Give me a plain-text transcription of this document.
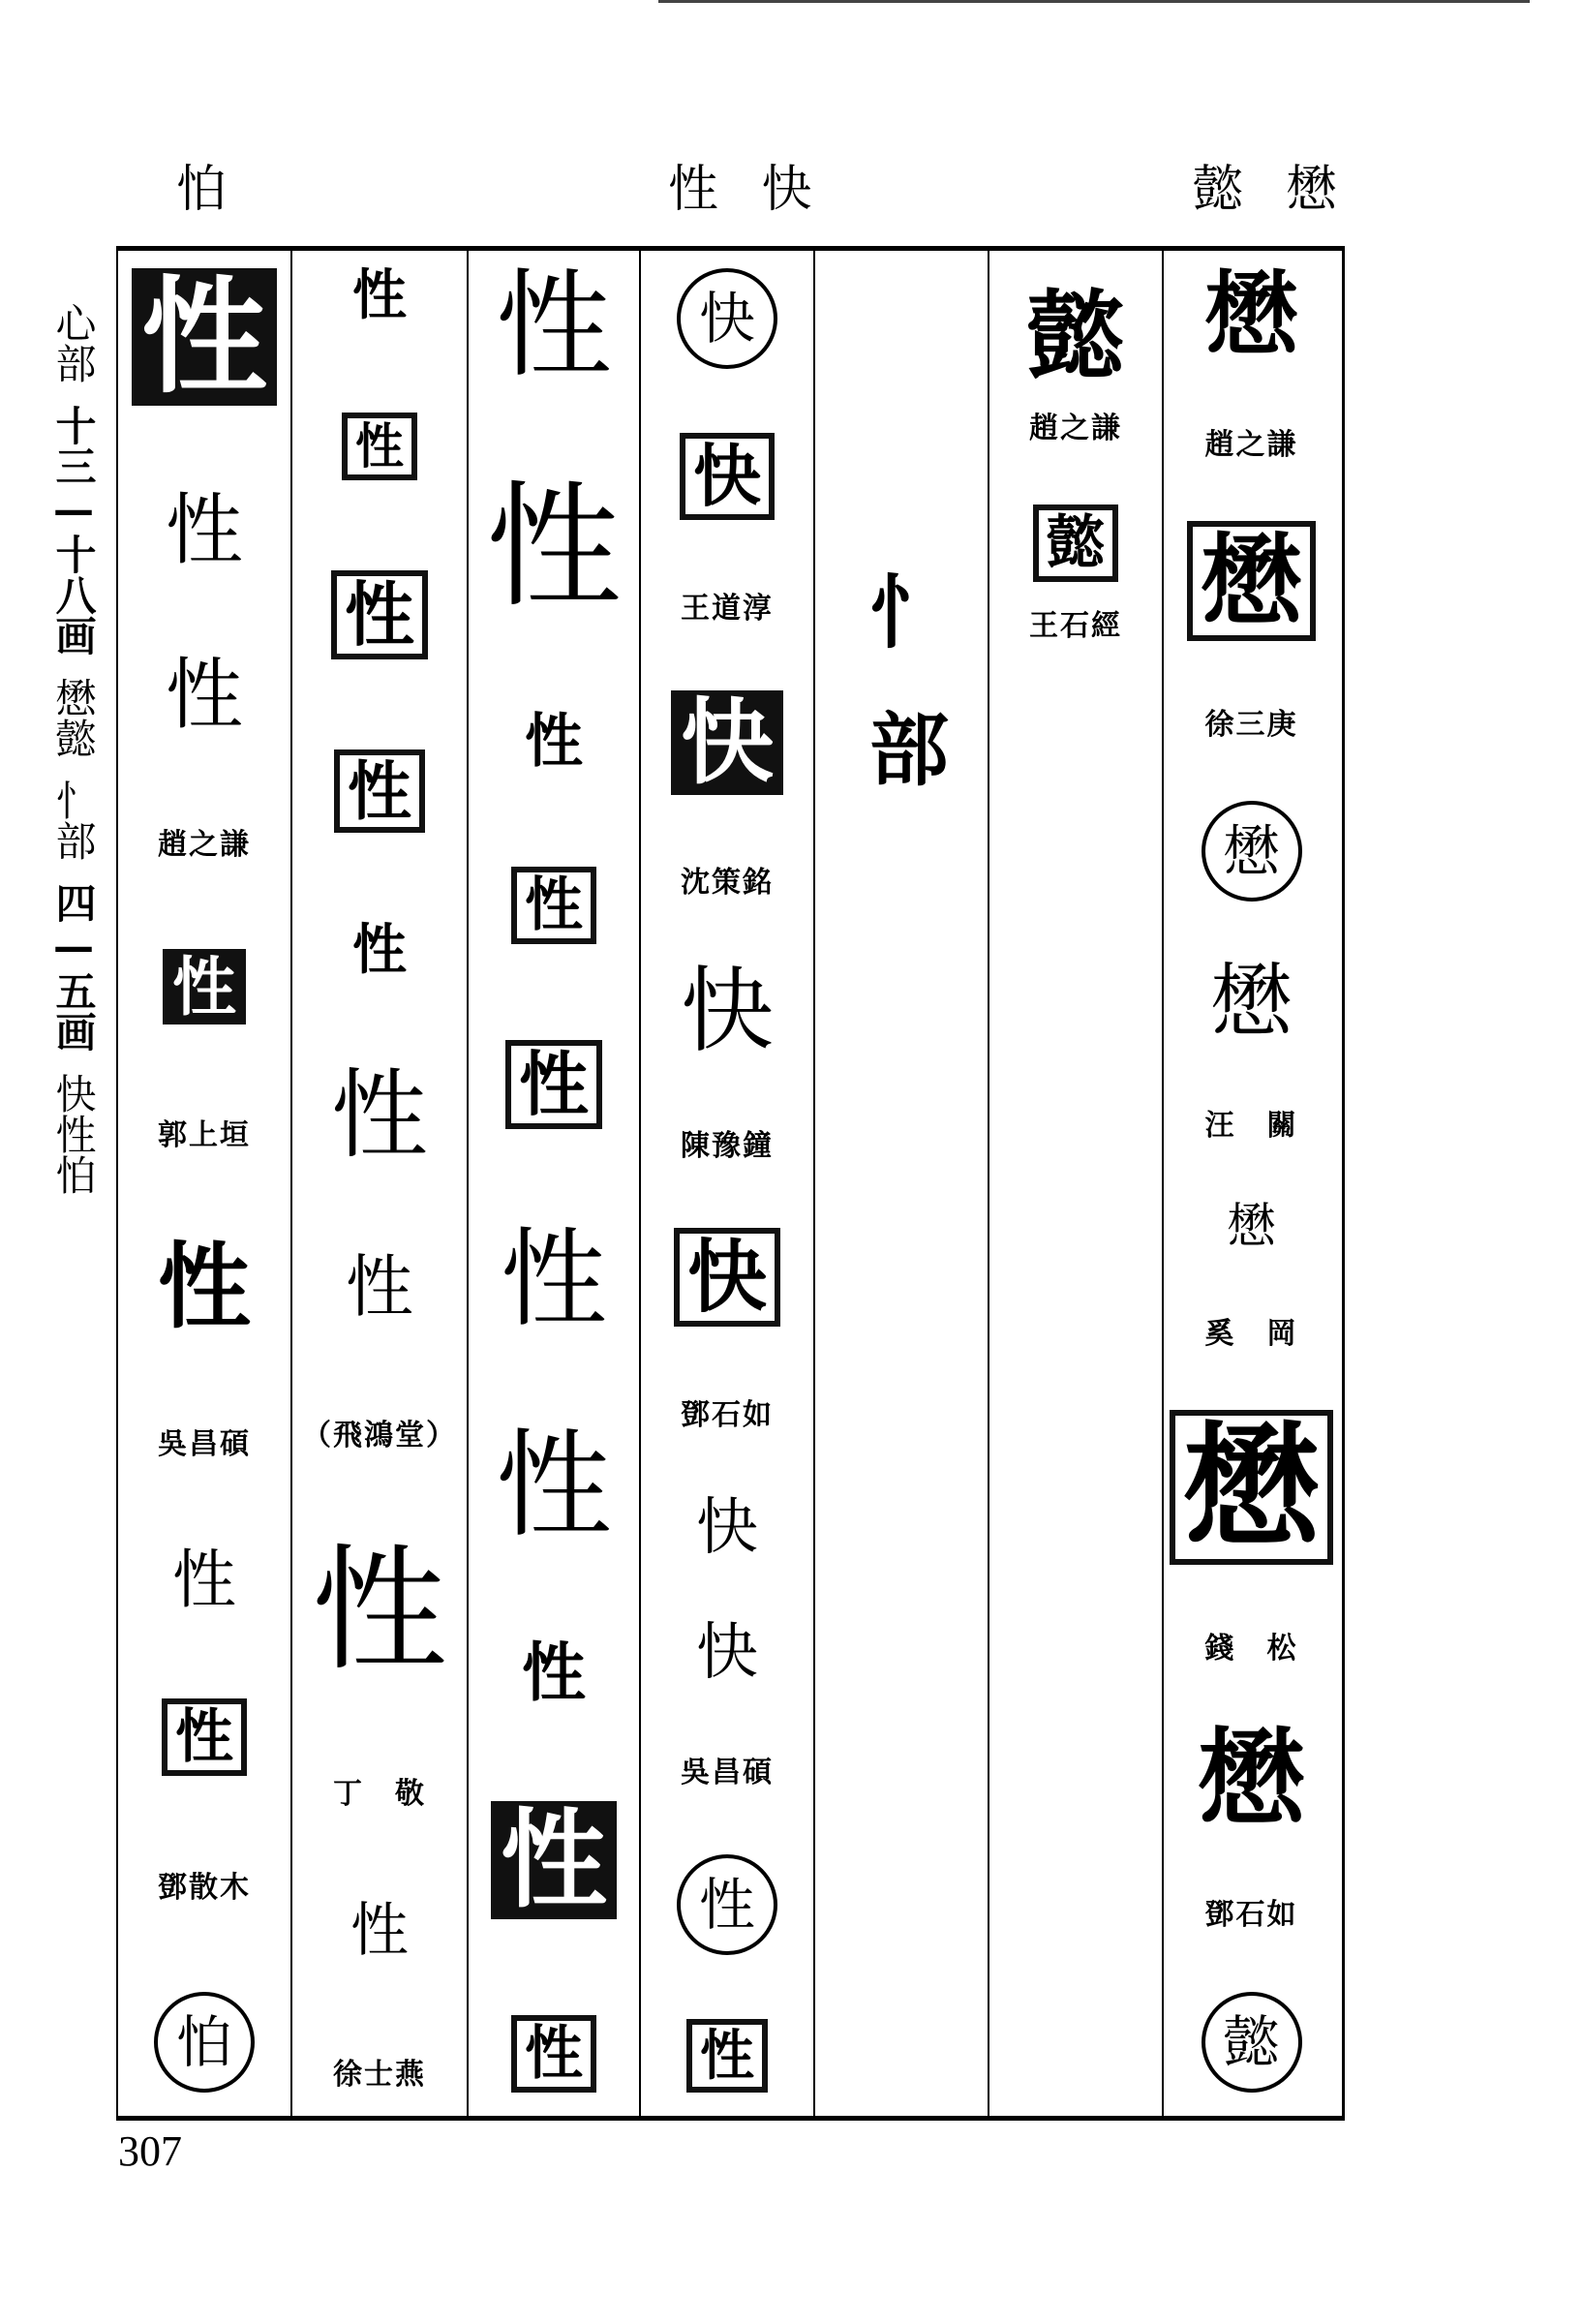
怕	性 快	懿 懋
心部
十三—十八画
懋懿
忄部
四—五画
快性怕
性
性
性
趙之謙
性
郭上垣
性
吳昌碩
性
性
鄧散木
怕
性
性
性
性
性
性
性
（飛鴻堂）
性
丁　敬
性
徐士燕
性
性
性
性
性
性
性
性
性
性
快
快
王道淳
快
沈策銘
快
陳豫鐘
快
鄧石如
快
快
吳昌碩
性
性
忄部
懿
趙之謙
懿
王石經
懋
趙之謙
懋
徐三庚
懋
懋
汪　關
懋
奚　岡
懋
錢　松
懋
鄧石如
懿
307
